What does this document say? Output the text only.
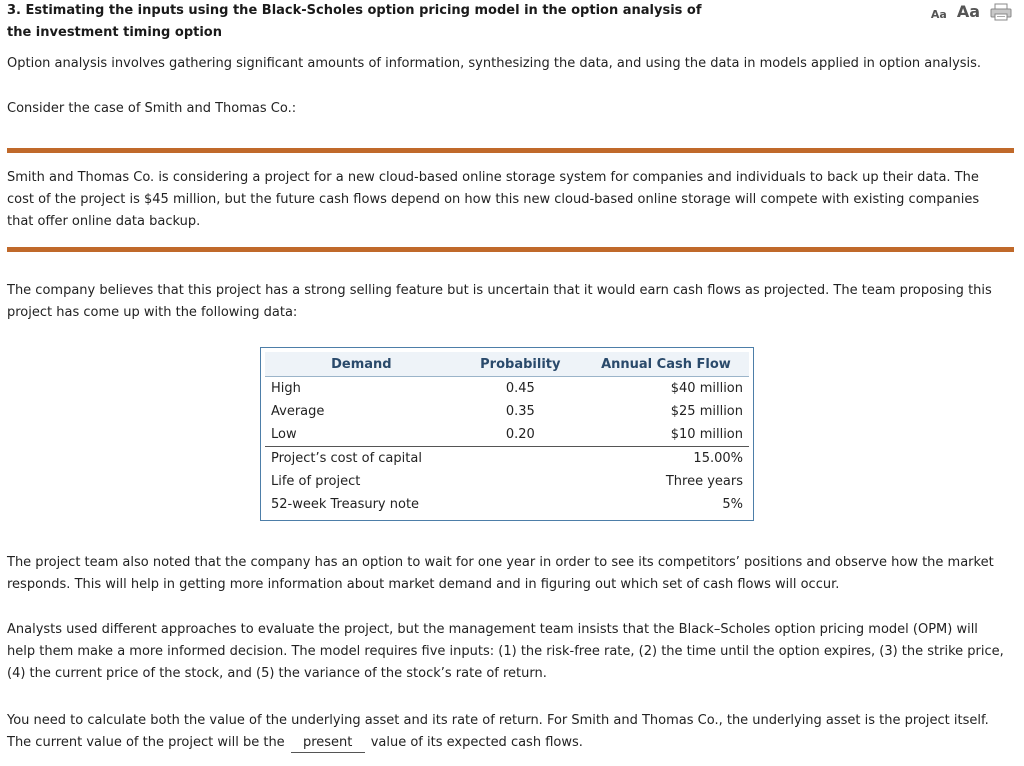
3. Estimating the inputs using the Black-Scholes option pricing model in the option analysis of the investment timing option
Aa Aa
Option analysis involves gathering significant amounts of information, synthesizing the data, and using the data in models applied in option analysis.
Consider the case of Smith and Thomas Co.:
Smith and Thomas Co. is considering a project for a new cloud-based online storage system for companies and individuals to back up their data. The cost of the project is $45 million, but the future cash flows depend on how this new cloud-based online storage will compete with existing companies that offer online data backup.
The company believes that this project has a strong selling feature but is uncertain that it would earn cash flows as projected. The team proposing this project has come up with the following data:
Demand	Probability	Annual Cash Flow
High	0.45	$40 million
Average	0.35	$25 million
Low	0.20	$10 million
Project’s cost of capital		15.00%
Life of project		Three years
52-week Treasury note		5%
The project team also noted that the company has an option to wait for one year in order to see its competitors’ positions and observe how the market responds. This will help in getting more information about market demand and in figuring out which set of cash flows will occur.
Analysts used different approaches to evaluate the project, but the management team insists that the Black–Scholes option pricing model (OPM) will help them make a more informed decision. The model requires five inputs: (1) the risk-free rate, (2) the time until the option expires, (3) the strike price, (4) the current price of the stock, and (5) the variance of the stock’s rate of return.
You need to calculate both the value of the underlying asset and its rate of return. For Smith and Thomas Co., the underlying asset is the project itself. The current value of the project will be the present value of its expected cash flows.
